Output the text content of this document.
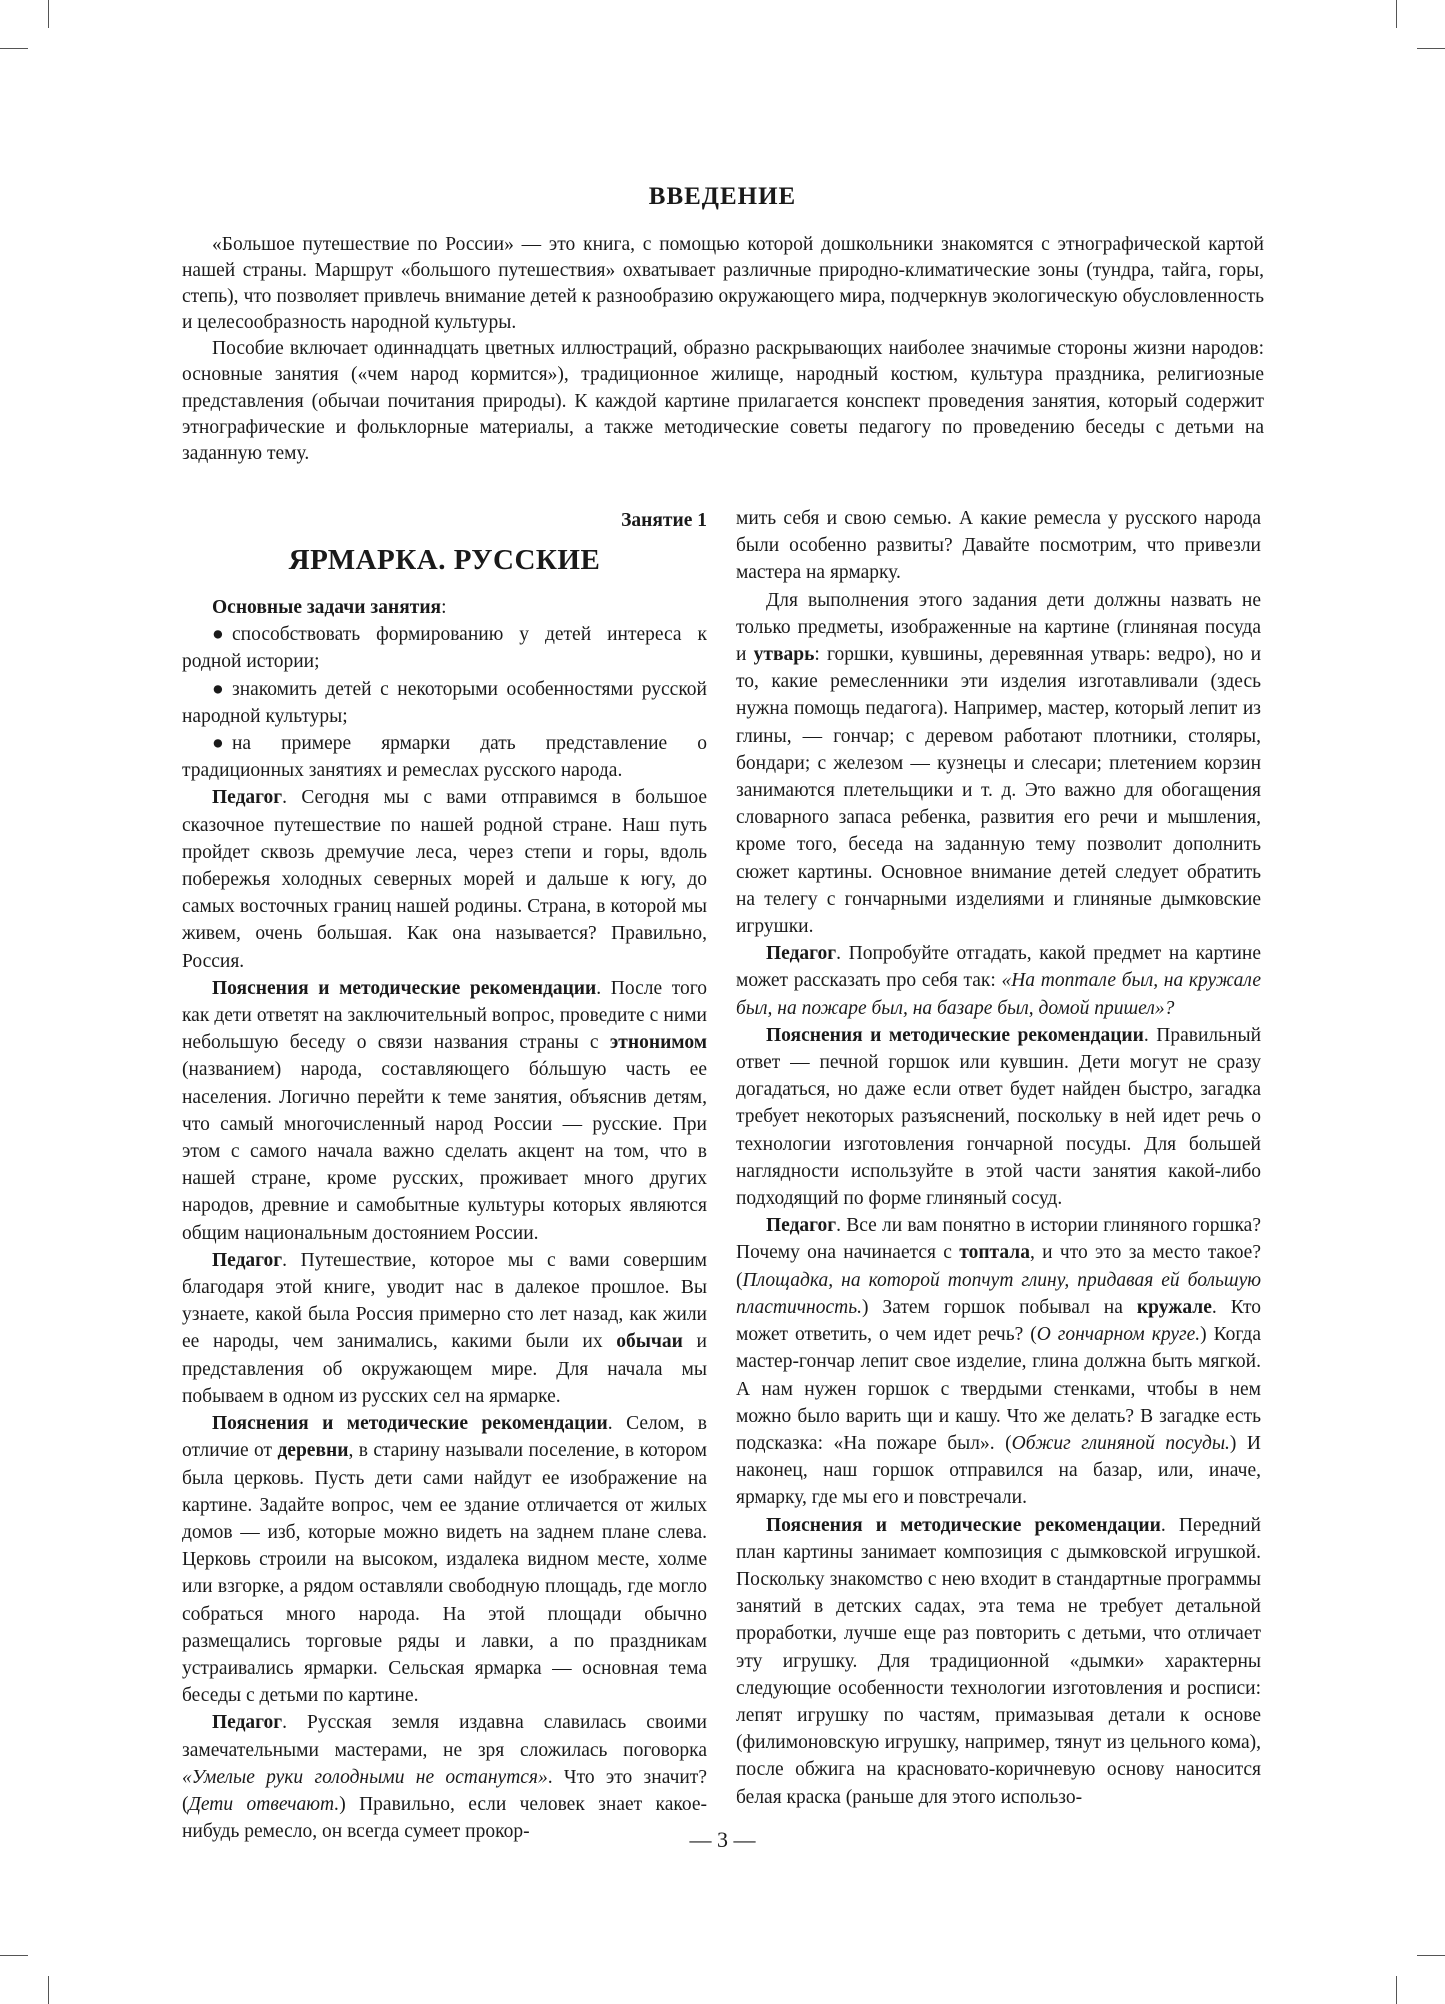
ВВЕДЕНИЕ

«Большое путешествие по России» — это книга, с помощью которой дошкольники знакомятся с этнографической картой нашей страны. Маршрут «большого путешествия» охватывает различные природно-климатические зоны (тундра, тайга, горы, степь), что позволяет привлечь внимание детей к разнообразию окружающего мира, подчеркнув экологическую обусловленность и целесообразность народной культуры.

Пособие включает одиннадцать цветных иллюстраций, образно раскрывающих наиболее значимые стороны жизни народов: основные занятия («чем народ кормится»), традиционное жилище, народный костюм, культура праздника, религиозные представления (обычаи почитания природы). К каждой картине прилагается конспект проведения занятия, который содержит этнографические и фольклорные материалы, а также методические советы педагогу по проведению беседы с детьми на заданную тему.

Занятие 1
ЯРМАРКА. РУССКИЕ

Основные задачи занятия:

● способствовать формированию у детей интереса к родной истории;

● знакомить детей с некоторыми особенностями русской народной культуры;

● на примере ярмарки дать представление о традиционных занятиях и ремеслах русского народа.

Педагог. Сегодня мы с вами отправимся в большое сказочное путешествие по нашей родной стране. Наш путь пройдет сквозь дремучие леса, через степи и горы, вдоль побережья холодных северных морей и дальше к югу, до самых восточных границ нашей родины. Страна, в которой мы живем, очень большая. Как она называется? Правильно, Россия.

Пояснения и методические рекомендации. После того как дети ответят на заключительный вопрос, проведите с ними небольшую беседу о связи названия страны с этнонимом (названием) народа, составляющего бóльшую часть ее населения. Логично перейти к теме занятия, объяснив детям, что самый многочисленный народ России — русские. При этом с самого начала важно сделать акцент на том, что в нашей стране, кроме русских, проживает много других народов, древние и самобытные культуры которых являются общим национальным достоянием России.

Педагог. Путешествие, которое мы с вами совершим благодаря этой книге, уводит нас в далекое прошлое. Вы узнаете, какой была Россия примерно сто лет назад, как жили ее народы, чем занимались, какими были их обычаи и представления об окружающем мире. Для начала мы побываем в одном из русских сел на ярмарке.

Пояснения и методические рекомендации. Селом, в отличие от деревни, в старину называли поселение, в котором была церковь. Пусть дети сами найдут ее изображение на картине. Задайте вопрос, чем ее здание отличается от жилых домов — изб, которые можно видеть на заднем плане слева. Церковь строили на высоком, издалека видном месте, холме или взгорке, а рядом оставляли свободную площадь, где могло собраться много народа. На этой площади обычно размещались торговые ряды и лавки, а по праздникам устраивались ярмарки. Сельская ярмарка — основная тема беседы с детьми по картине.

Педагог. Русская земля издавна славилась своими замечательными мастерами, не зря сложилась поговорка «Умелые руки голодными не останутся». Что это значит? (Дети отвечают.) Правильно, если человек знает какое-нибудь ремесло, он всегда сумеет прокор-

мить себя и свою семью. А какие ремесла у русского народа были особенно развиты? Давайте посмотрим, что привезли мастера на ярмарку.

Для выполнения этого задания дети должны назвать не только предметы, изображенные на картине (глиняная посуда и утварь: горшки, кувшины, деревянная утварь: ведро), но и то, какие ремесленники эти изделия изготавливали (здесь нужна помощь педагога). Например, мастер, который лепит из глины, — гончар; с деревом работают плотники, столяры, бондари; с железом — кузнецы и слесари; плетением корзин занимаются плетельщики и т. д. Это важно для обогащения словарного запаса ребенка, развития его речи и мышления, кроме того, беседа на заданную тему позволит дополнить сюжет картины. Основное внимание детей следует обратить на телегу с гончарными изделиями и глиняные дымковские игрушки.

Педагог. Попробуйте отгадать, какой предмет на картине может рассказать про себя так: «На топтале был, на кружале был, на пожаре был, на базаре был, домой пришел»?

Пояснения и методические рекомендации. Правильный ответ — печной горшок или кувшин. Дети могут не сразу догадаться, но даже если ответ будет найден быстро, загадка требует некоторых разъяснений, поскольку в ней идет речь о технологии изготовления гончарной посуды. Для большей наглядности используйте в этой части занятия какой-либо подходящий по форме глиняный сосуд.

Педагог. Все ли вам понятно в истории глиняного горшка? Почему она начинается с топтала, и что это за место такое? (Площадка, на которой топчут глину, придавая ей большую пластичность.) Затем горшок побывал на кружале. Кто может ответить, о чем идет речь? (О гончарном круге.) Когда мастер-гончар лепит свое изделие, глина должна быть мягкой. А нам нужен горшок с твердыми стенками, чтобы в нем можно было варить щи и кашу. Что же делать? В загадке есть подсказка: «На пожаре был». (Обжиг глиняной посуды.) И наконец, наш горшок отправился на базар, или, иначе, ярмарку, где мы его и повстречали.

Пояснения и методические рекомендации. Передний план картины занимает композиция с дымковской игрушкой. Поскольку знакомство с нею входит в стандартные программы занятий в детских садах, эта тема не требует детальной проработки, лучше еще раз повторить с детьми, что отличает эту игрушку. Для традиционной «дымки» характерны следующие особенности технологии изготовления и росписи: лепят игрушку по частям, примазывая детали к основе (филимоновскую игрушку, например, тянут из цельного кома), после обжига на красновато-коричневую основу наносится белая краска (раньше для этого использо-

— 3 —
